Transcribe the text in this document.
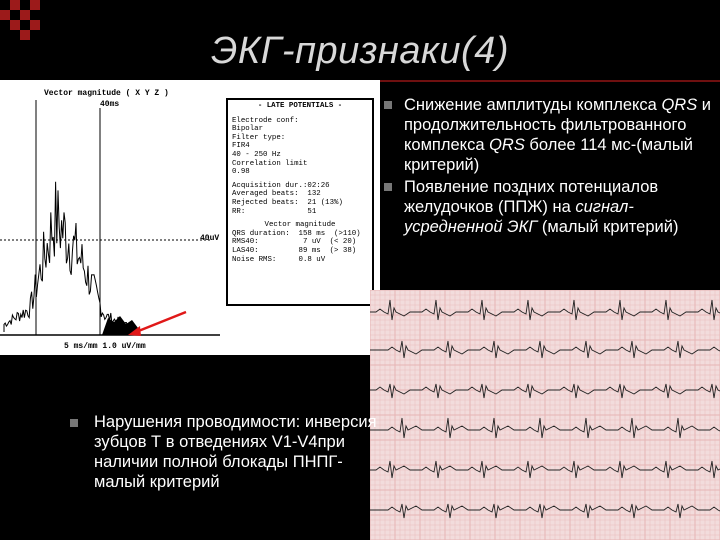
ЭКГ-признаки(4)
Vector magnitude ( X Y Z )
40ms
40uV
5 ms/mm 1.0 uV/mm
- LATE POTENTIALS -
Electrode conf:
Bipolar
Filter type:
FIR4
40 - 250 Hz
Correlation limit
0.98
Acquisition dur.:02:26
Averaged beats:  132
Rejected beats:  21 (13%)
RR:              51
Vector magnitude
QRS duration:  158 ms  (>110)
RMS40:          7 uV  (< 20)
LAS40:         89 ms  (> 38)
Noise RMS:     0.8 uV
Снижение амплитуды комплекса QRS и продолжительность фильтрованного комплекса QRS более 114 мс-(малый критерий)
Появление поздних потенциалов желудочков (ППЖ) на сигнал-усредненной ЭКГ (малый критерий)
Нарушения проводимости: инверсия зубцов Т в отведениях V1-V4при наличии полной блокады ПНПГ-малый критерий
